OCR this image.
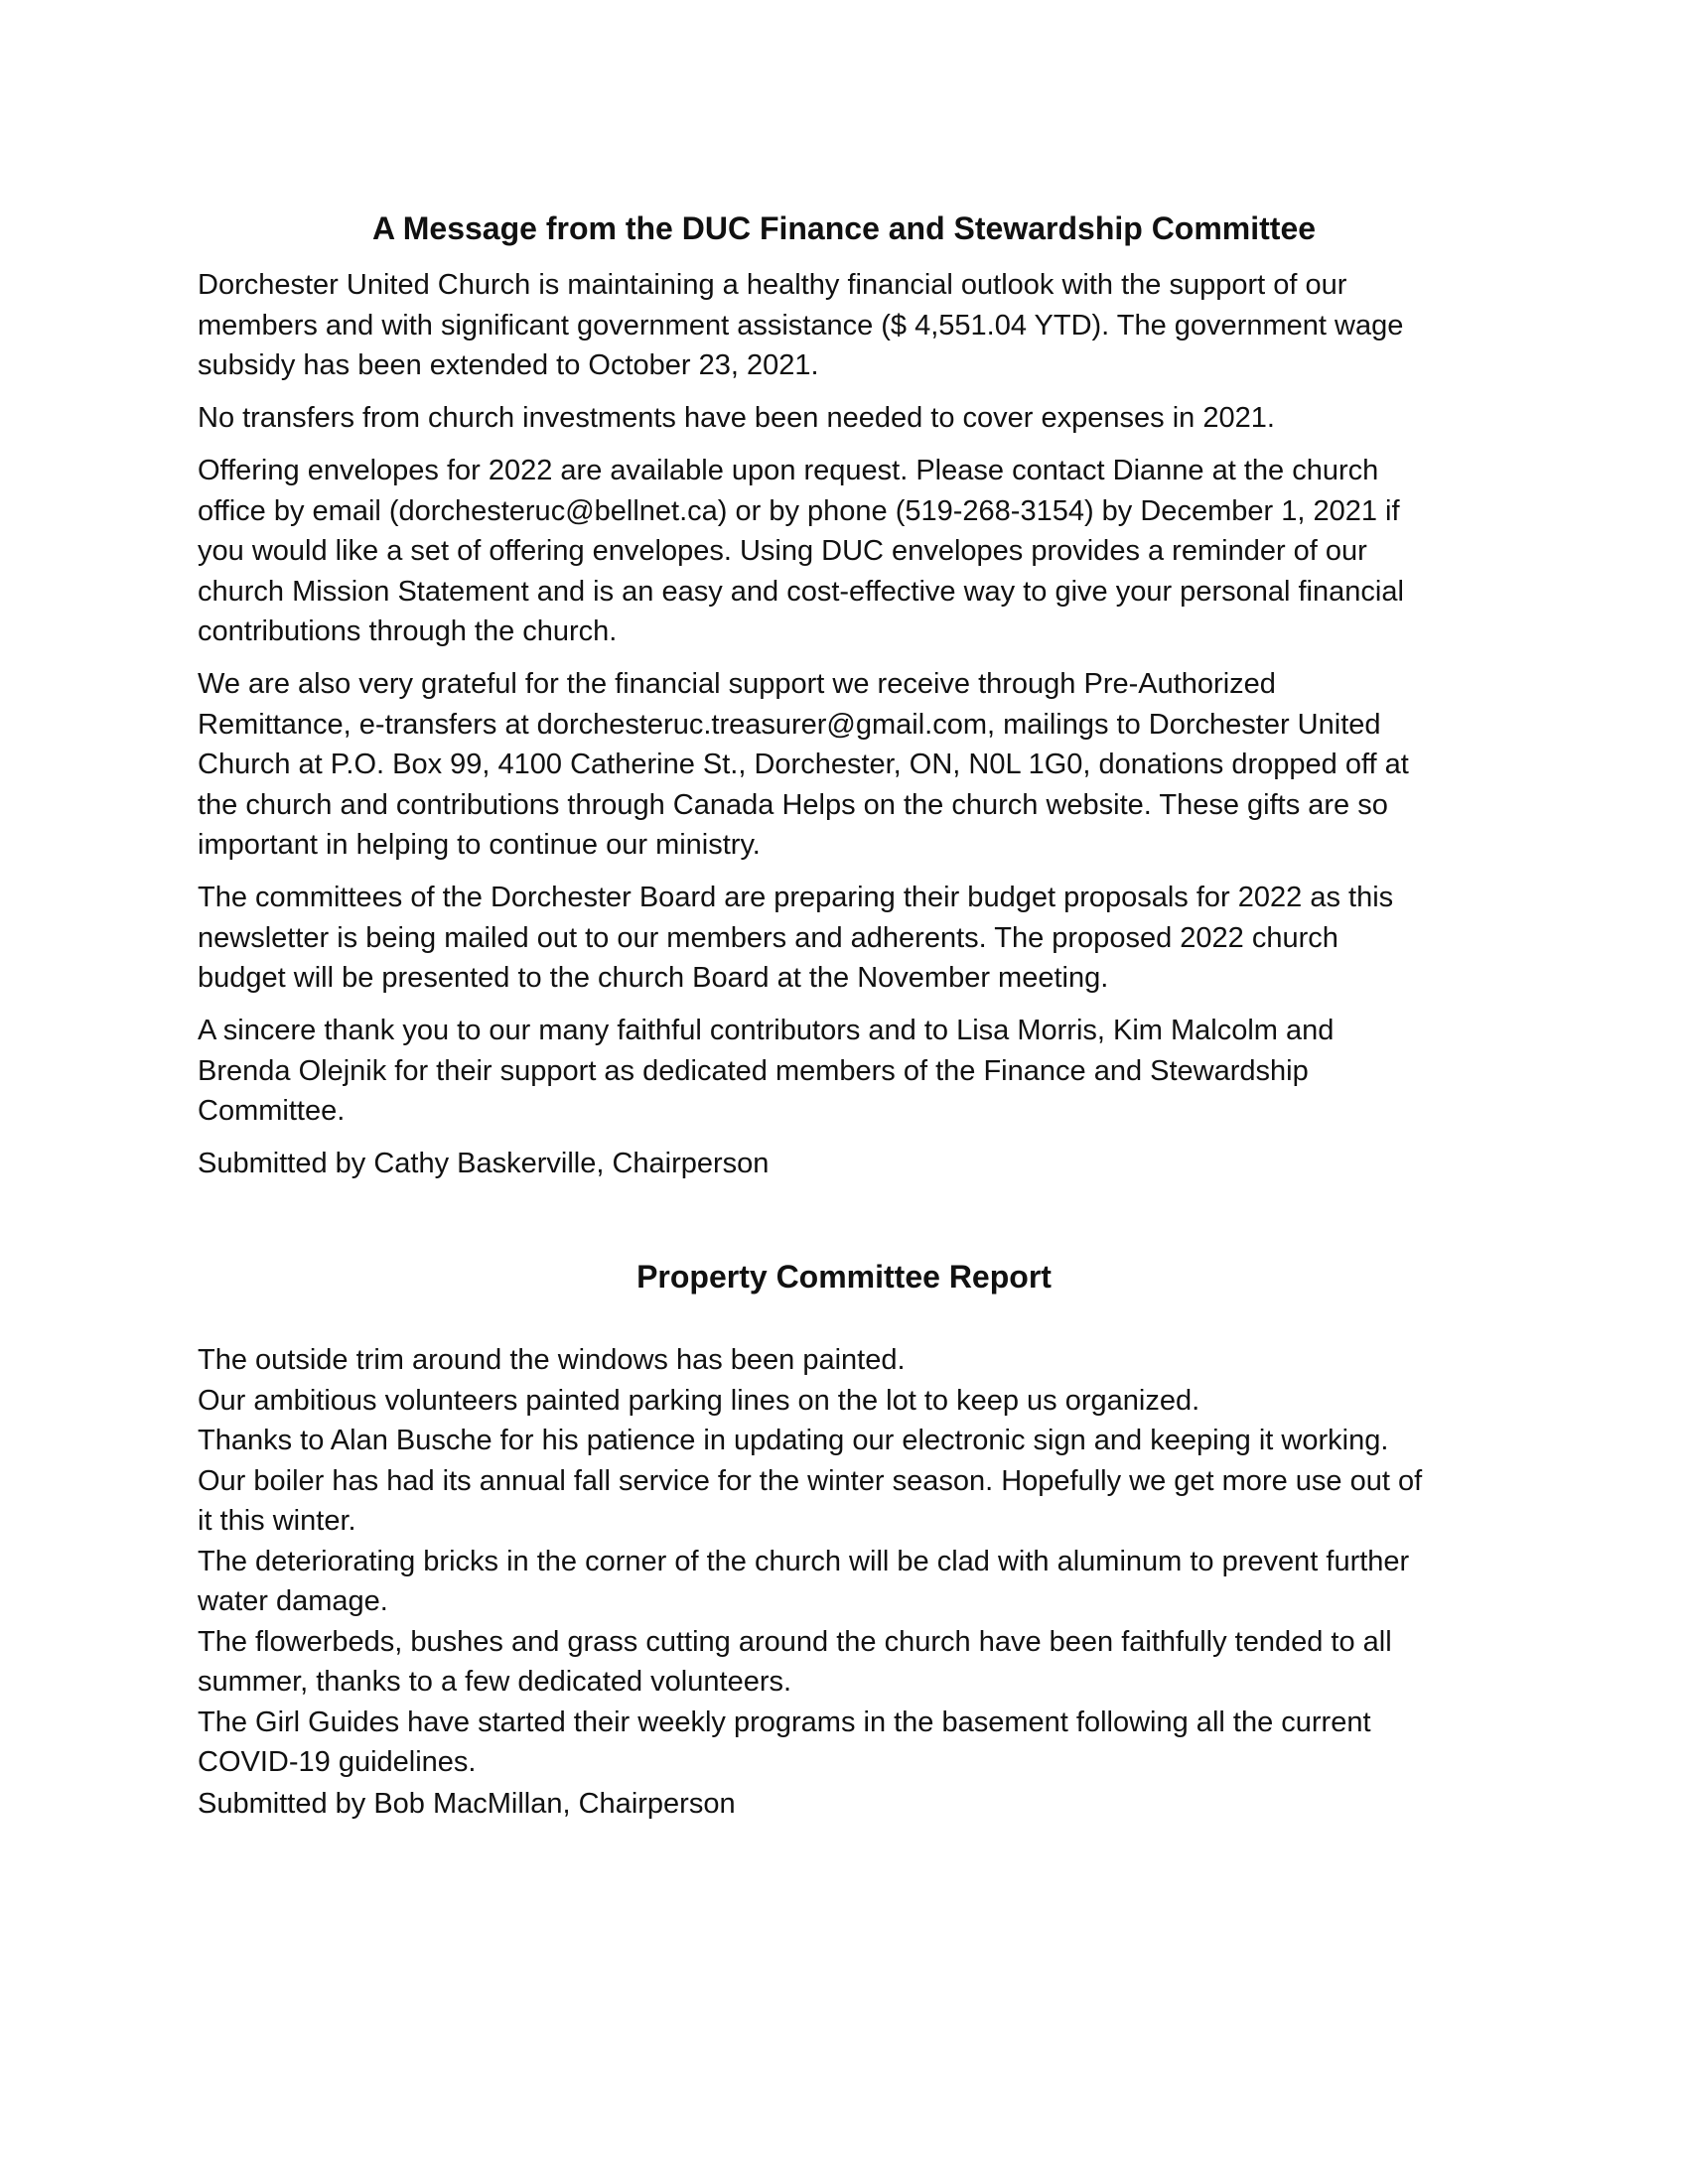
A Message from the DUC Finance and Stewardship Committee

Dorchester United Church is maintaining a healthy financial outlook with the support of our

members and with significant government assistance ($ 4,551.04 YTD). The government wage

subsidy has been extended to October 23, 2021.

No transfers from church investments have been needed to cover expenses in 2021.

Offering envelopes for 2022 are available upon request. Please contact Dianne at the church

office by email (dorchesteruc@bellnet.ca) or by phone (519-268-3154) by December 1, 2021 if

you would like a set of offering envelopes. Using DUC envelopes provides a reminder of our

church Mission Statement and is an easy and cost-effective way to give your personal financial

contributions through the church.

We are also very grateful for the financial support we receive through Pre-Authorized

Remittance, e-transfers at dorchesteruc.treasurer@gmail.com, mailings to Dorchester United

Church at P.O. Box 99, 4100 Catherine St., Dorchester, ON, N0L 1G0, donations dropped off at

the church and contributions through Canada Helps on the church website. These gifts are so

important in helping to continue our ministry.

The committees of the Dorchester Board are preparing their budget proposals for 2022 as this

newsletter is being mailed out to our members and adherents. The proposed 2022 church

budget will be presented to the church Board at the November meeting.

A sincere thank you to our many faithful contributors and to Lisa Morris, Kim Malcolm and

Brenda Olejnik for their support as dedicated members of the Finance and Stewardship

Committee.

Submitted by Cathy Baskerville, Chairperson

Property Committee Report

The outside trim around the windows has been painted.

Our ambitious volunteers painted parking lines on the lot to keep us organized.

Thanks to Alan Busche for his patience in updating our electronic sign and keeping it working.

Our boiler has had its annual fall service for the winter season. Hopefully we get more use out of

it this winter.

The deteriorating bricks in the corner of the church will be clad with aluminum to prevent further

water damage.

The flowerbeds, bushes and grass cutting around the church have been faithfully tended to all

summer, thanks to a few dedicated volunteers.

The Girl Guides have started their weekly programs in the basement following all the current

COVID-19 guidelines.

Submitted by Bob MacMillan, Chairperson
